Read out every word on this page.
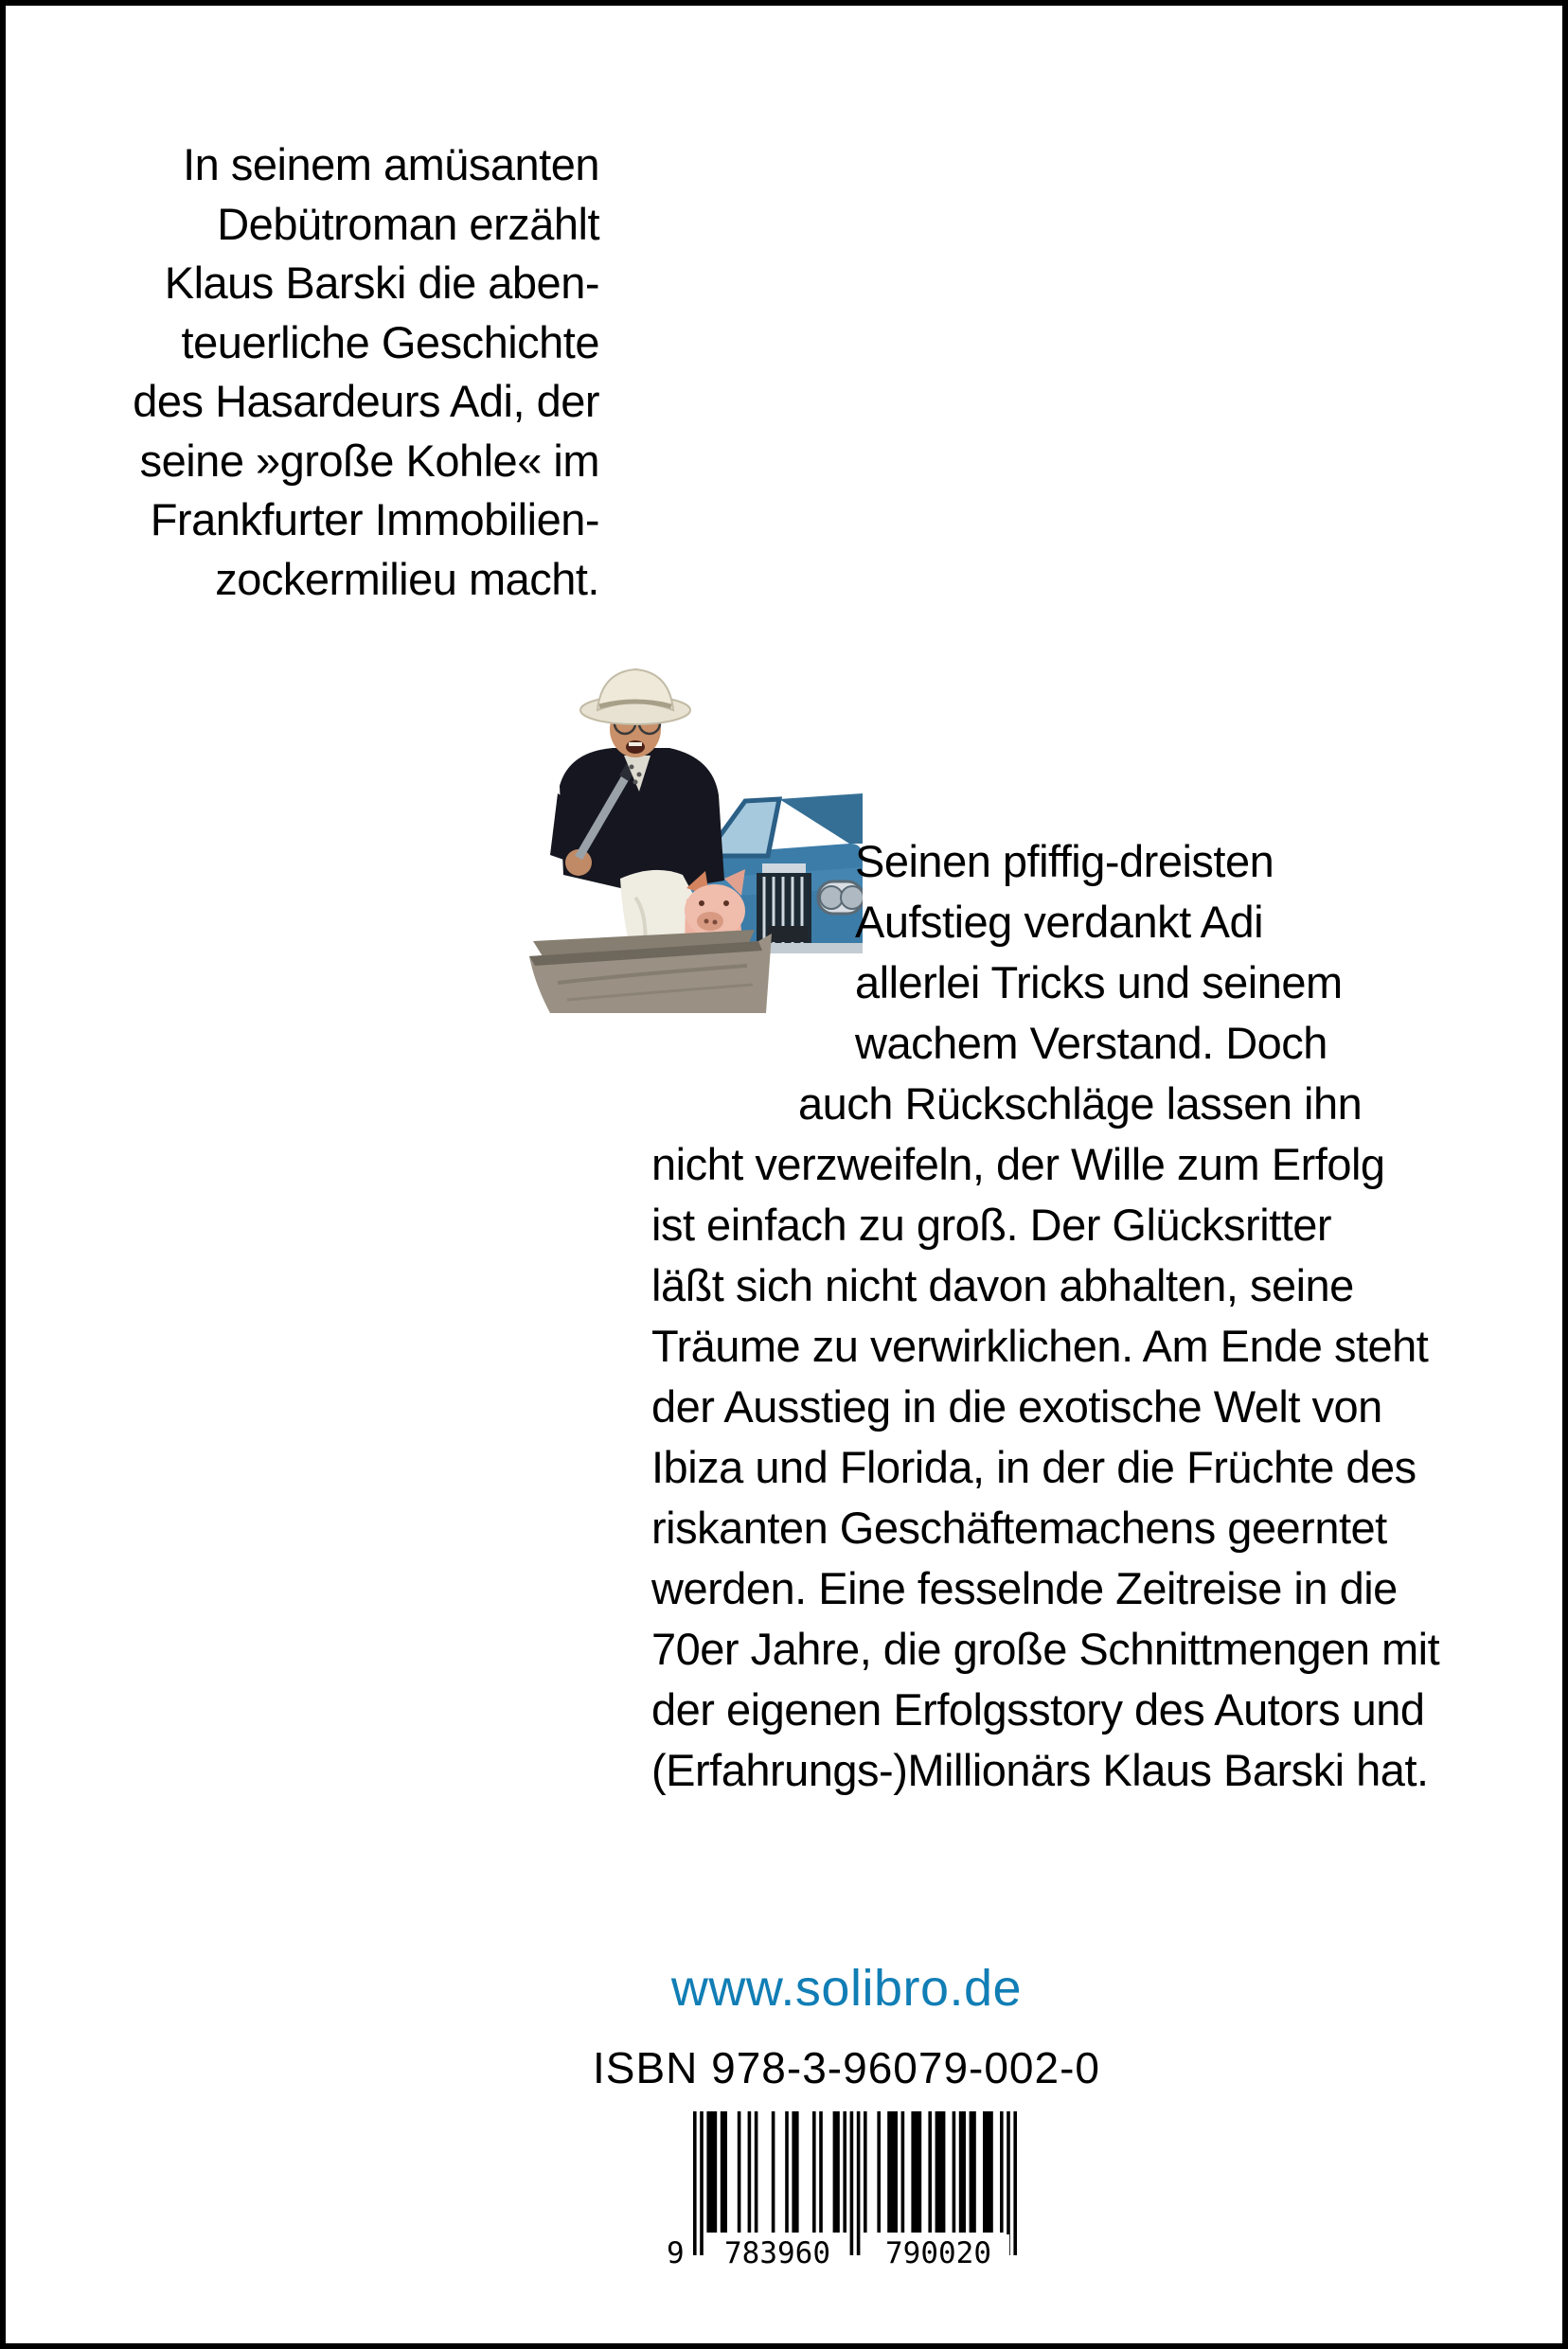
In seinem amüsanten
Debütroman erzählt
Klaus Barski die aben-
teuerliche Geschichte
des Hasardeurs Adi, der
seine »große Kohle« im
Frankfurter Immobilien-
zockermilieu macht.
Seinen pfiffig-dreisten
Aufstieg verdankt Adi
allerlei Tricks und seinem
wachem Verstand. Doch
auch Rückschläge lassen ihn
nicht verzweifeln, der Wille zum Erfolg
ist einfach zu groß. Der Glücksritter
läßt sich nicht davon abhalten, seine
Träume zu verwirklichen. Am Ende steht
der Ausstieg in die exotische Welt von
Ibiza und Florida, in der die Früchte des
riskanten Geschäftemachens geerntet
werden. Eine fesselnde Zeitreise in die
70er Jahre, die große Schnittmengen mit
der eigenen Erfolgsstory des Autors und
(Erfahrungs-)Millionärs Klaus Barski hat.
www.solibro.de
ISBN 978-3-96079-002-0
9	783960	790020
